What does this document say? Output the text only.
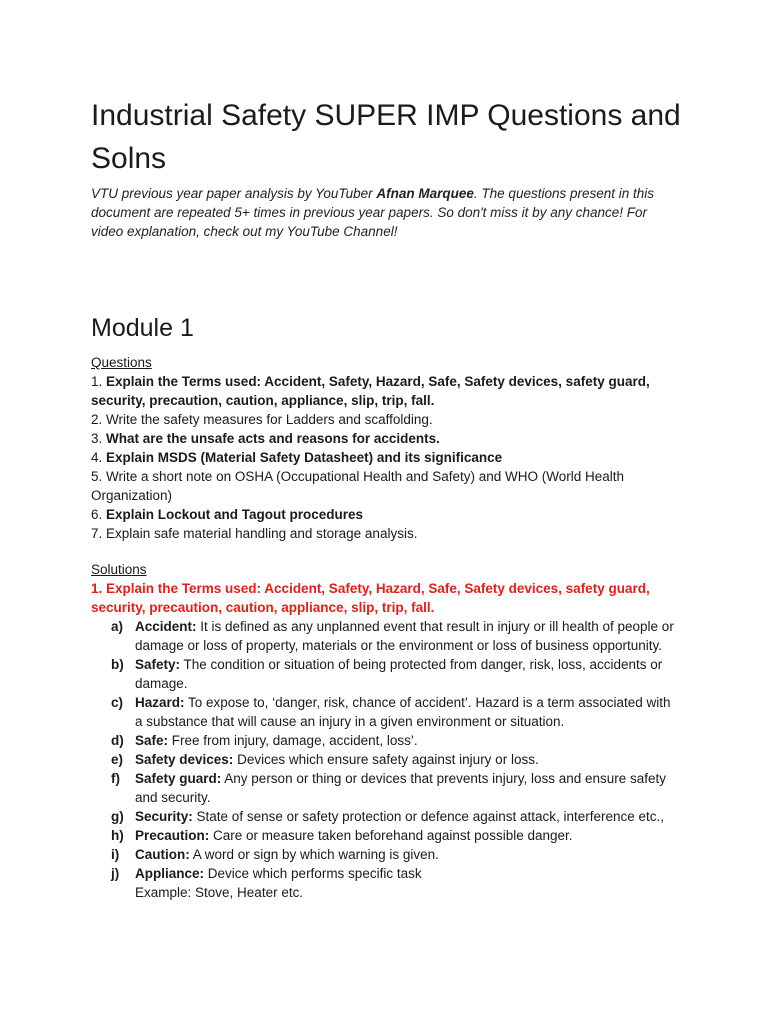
Industrial Safety SUPER IMP Questions and Solns
VTU previous year paper analysis by YouTuber Afnan Marquee. The questions present in this document are repeated 5+ times in previous year papers. So don't miss it by any chance! For video explanation, check out my YouTube Channel!
Module 1
Questions

1. Explain the Terms used: Accident, Safety, Hazard, Safe, Safety devices, safety guard, security, precaution, caution, appliance, slip, trip, fall.

2. Write the safety measures for Ladders and scaffolding.

3. What are the unsafe acts and reasons for accidents.

4. Explain MSDS (Material Safety Datasheet) and its significance

5. Write a short note on OSHA (Occupational Health and Safety) and WHO (World Health Organization)

6. Explain Lockout and Tagout procedures

7. Explain safe material handling and storage analysis.

Solutions
1. Explain the Terms used: Accident, Safety, Hazard, Safe, Safety devices, safety guard, security, precaution, caution, appliance, slip, trip, fall.
a) Accident: It is defined as any unplanned event that result in injury or ill health of people or damage or loss of property, materials or the environment or loss of business opportunity.
b) Safety: The condition or situation of being protected from danger, risk, loss, accidents or damage.
c) Hazard: To expose to, ‘danger, risk, chance of accident’. Hazard is a term associated with a substance that will cause an injury in a given environment or situation.
d) Safe: Free from injury, damage, accident, loss’.
e) Safety devices: Devices which ensure safety against injury or loss.
f)	Safety guard: Any person or thing or devices that prevents injury, loss and ensure safety and security.
g) Security: State of sense or safety protection or defence against attack, interference etc.,
h) Precaution: Care or measure taken beforehand against possible danger.
i)	Caution: A word or sign by which warning is given.
j)	Appliance: Device which performs specific task
Example: Stove, Heater etc.
